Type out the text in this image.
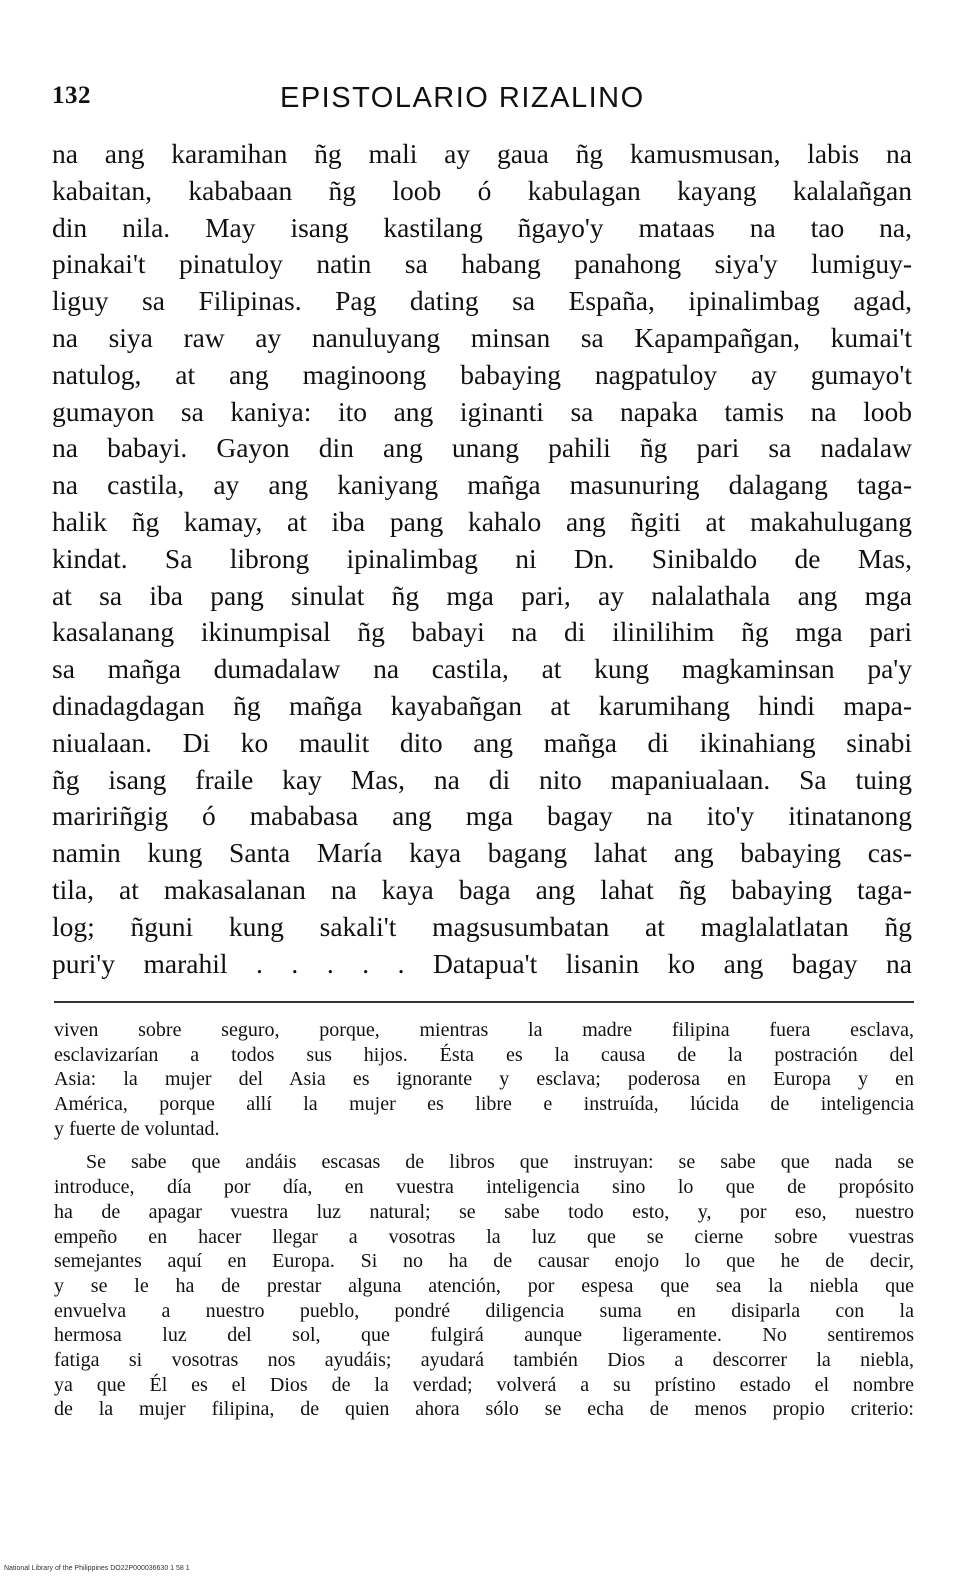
132	EPISTOLARIO RIZALINO
na ang karamihan ñg mali ay gaua ñg kamusmusan, labis na
kabaitan, kababaan ñg loob ó kabulagan kayang kalalañgan
din nila. May isang kastilang ñgayo'y mataas na tao na,
pinakai't pinatuloy natin sa habang panahong siya'y lumiguy-
liguy sa Filipinas. Pag dating sa España, ipinalimbag agad,
na siya raw ay nanuluyang minsan sa Kapampañgan, kumai't
natulog, at ang maginoong babaying nagpatuloy ay gumayo't
gumayon sa kaniya: ito ang iginanti sa napaka tamis na loob
na babayi. Gayon din ang unang pahili ñg pari sa nadalaw
na castila, ay ang kaniyang mañga masunuring dalagang taga-
halik ñg kamay, at iba pang kahalo ang ñgiti at makahulugang
kindat. Sa librong ipinalimbag ni Dn. Sinibaldo de Mas,
at sa iba pang sinulat ñg mga pari, ay nalalathala ang mga
kasalanang ikinumpisal ñg babayi na di ilinilihim ñg mga pari
sa mañga dumadalaw na castila, at kung magkaminsan pa'y
dinadagdagan ñg mañga kayabañgan at karumihang hindi mapa-
niualaan. Di ko maulit dito ang mañga di ikinahiang sinabi
ñg isang fraile kay Mas, na di nito mapaniualaan. Sa tuing
maririñgig ó mababasa ang mga bagay na ito'y itinatanong
namin kung Santa María kaya bagang lahat ang babaying cas-
tila, at makasalanan na kaya baga ang lahat ñg babaying taga-
log; ñguni kung sakali't magsusumbatan at maglalatlatan ñg
puri'y marahil . . . . . Datapua't lisanin ko ang bagay na
viven sobre seguro, porque, mientras la madre filipina fuera esclava,
esclavizarían a todos sus hijos. Ésta es la causa de la postración del
Asia: la mujer del Asia es ignorante y esclava; poderosa en Europa y en
América, porque allí la mujer es libre e instruída, lúcida de inteligencia
y fuerte de voluntad.
Se sabe que andáis escasas de libros que instruyan: se sabe que nada se
introduce, día por día, en vuestra inteligencia sino lo que de propósito
ha de apagar vuestra luz natural; se sabe todo esto, y, por eso, nuestro
empeño en hacer llegar a vosotras la luz que se cierne sobre vuestras
semejantes aquí en Europa. Si no ha de causar enojo lo que he de decir,
y se le ha de prestar alguna atención, por espesa que sea la niebla que
envuelva a nuestro pueblo, pondré diligencia suma en disiparla con la
hermosa luz del sol, que fulgirá aunque ligeramente. No sentiremos
fatiga si vosotras nos ayudáis; ayudará también Dios a descorrer la niebla,
ya que Él es el Dios de la verdad; volverá a su prístino estado el nombre
de la mujer filipina, de quien ahora sólo se echa de menos propio criterio:
National Library of the Philippines DO22P000036630 1 58 1
